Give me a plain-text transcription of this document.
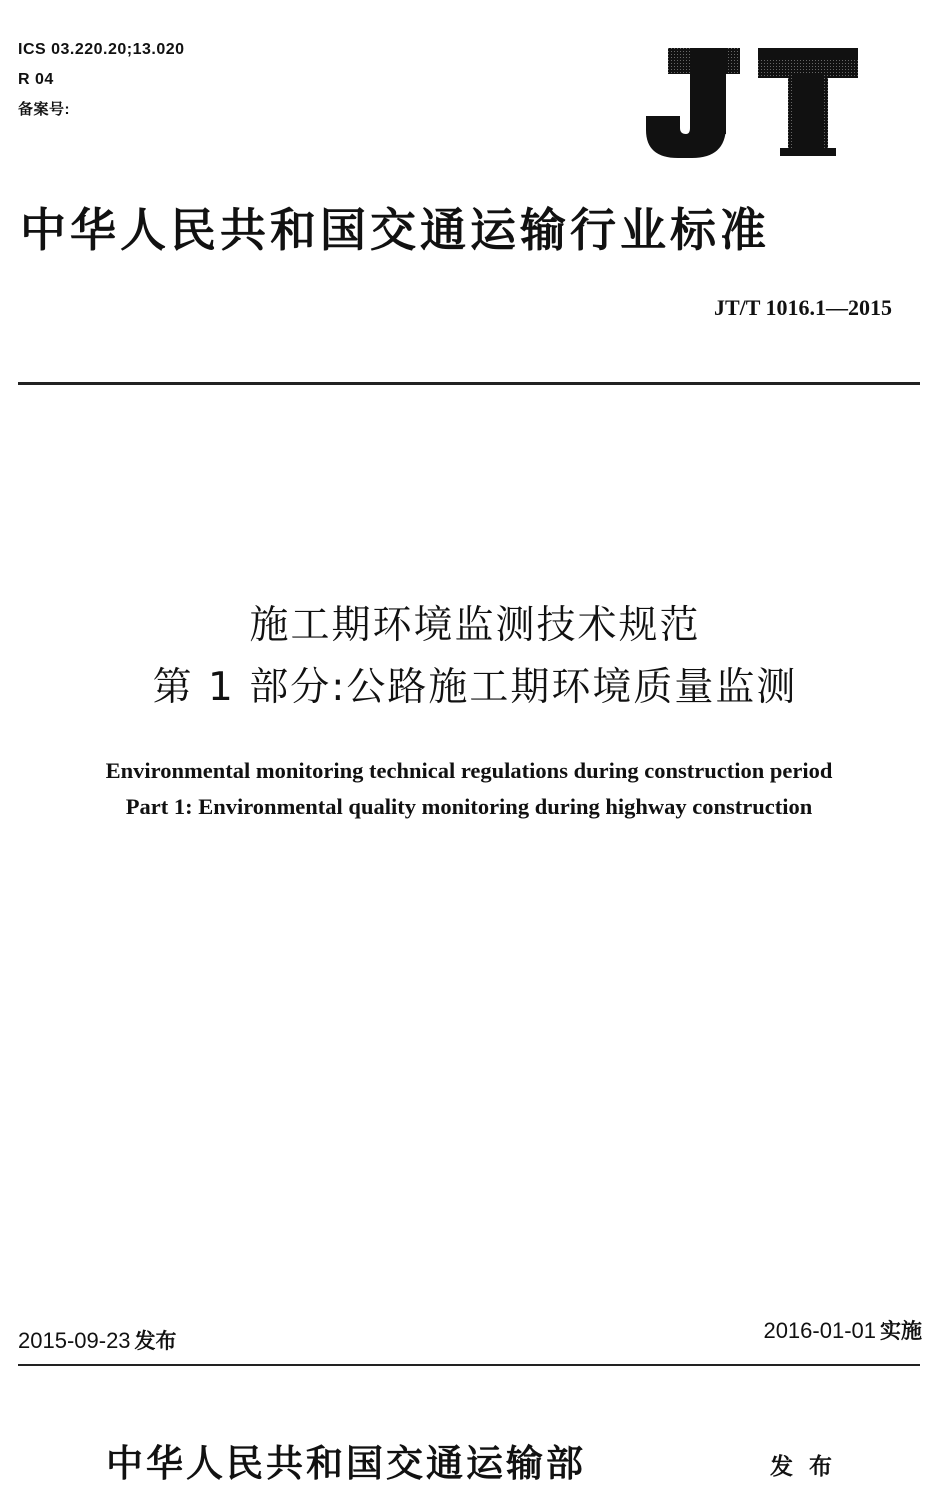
ICS 03.220.20;13.020
R 04
备案号:
中华人民共和国交通运输行业标准
JT/T 1016.1—2015
施工期环境监测技术规范
第 1 部分:公路施工期环境质量监测
Environmental monitoring technical regulations during construction period
Part 1: Environmental quality monitoring during highway construction
2015-09-23 发布	2016-01-01 实施
中华人民共和国交通运输部	发布
